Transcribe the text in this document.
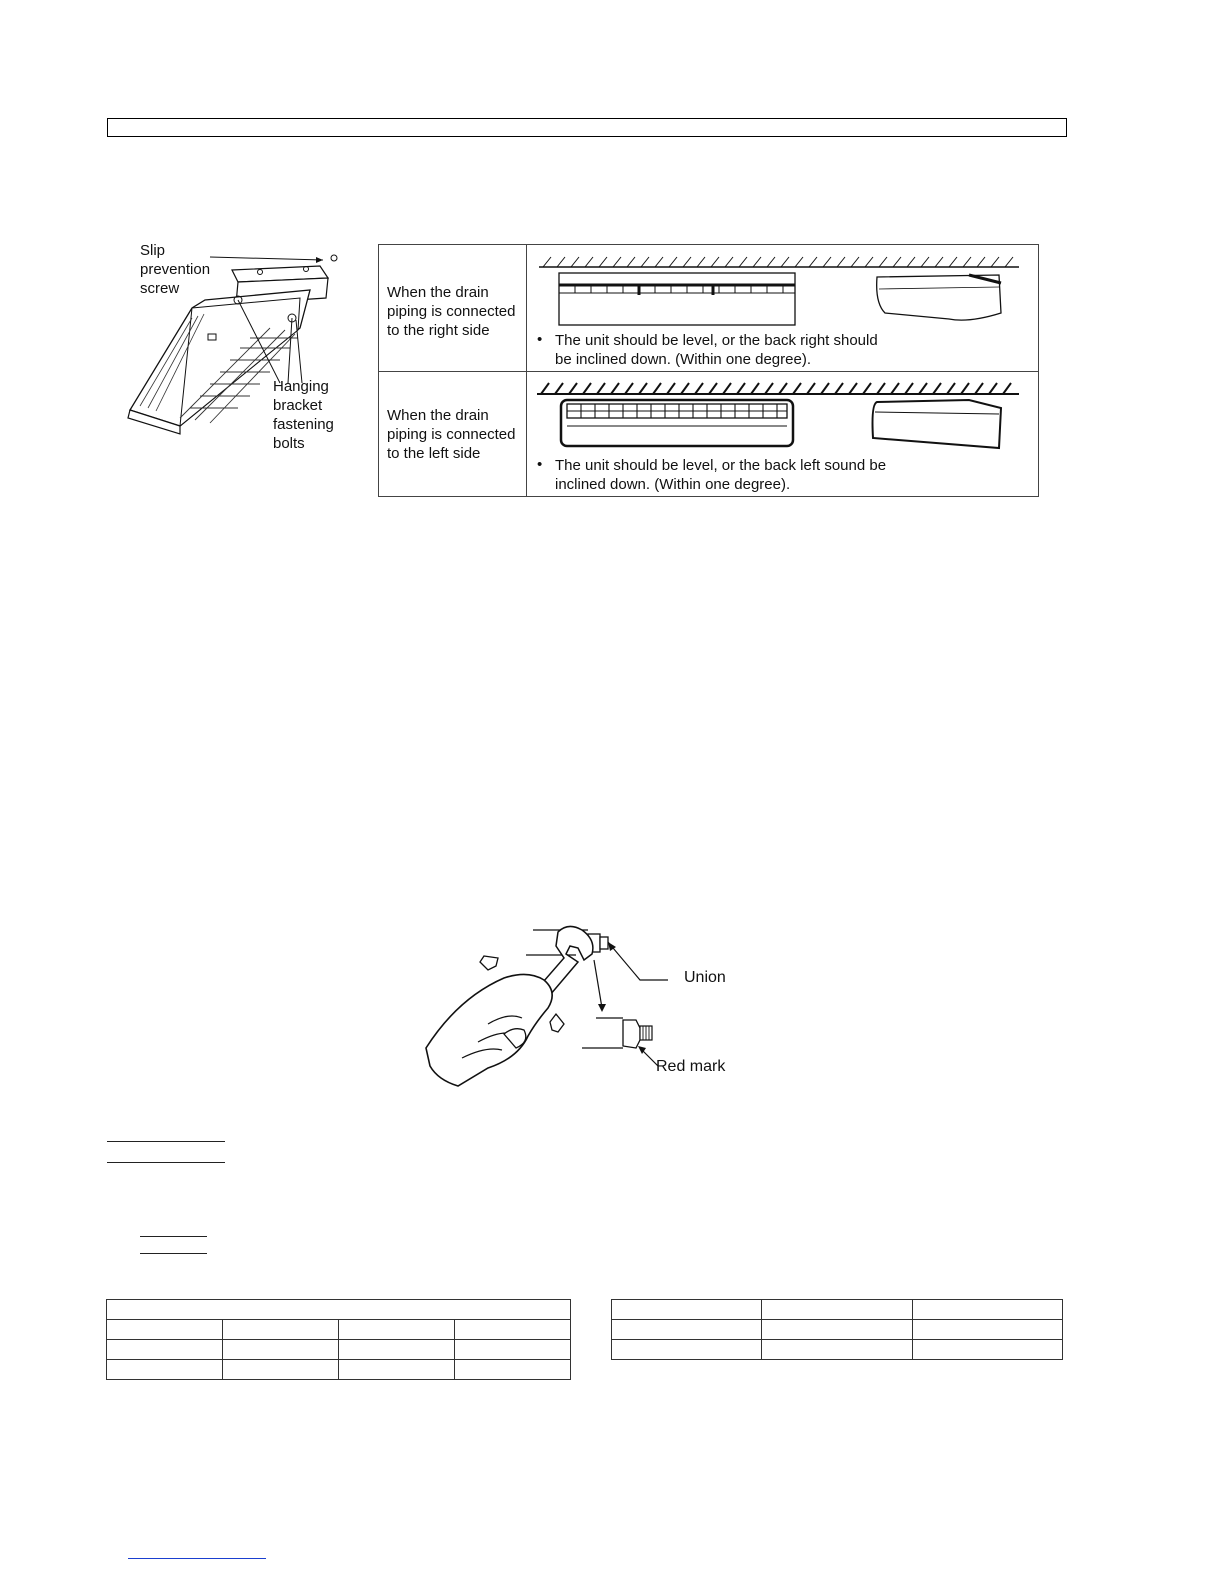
Slip
prevention
screw
Hanging
bracket
fastening
bolts
When the drain
piping is connected
to the right side
• The unit should be level, or the back right should
be inclined down. (Within one degree).
When the drain
piping is connected
to the left side
• The unit should be level, or the back left sound be
inclined down. (Within one degree).
Union
Red mark
